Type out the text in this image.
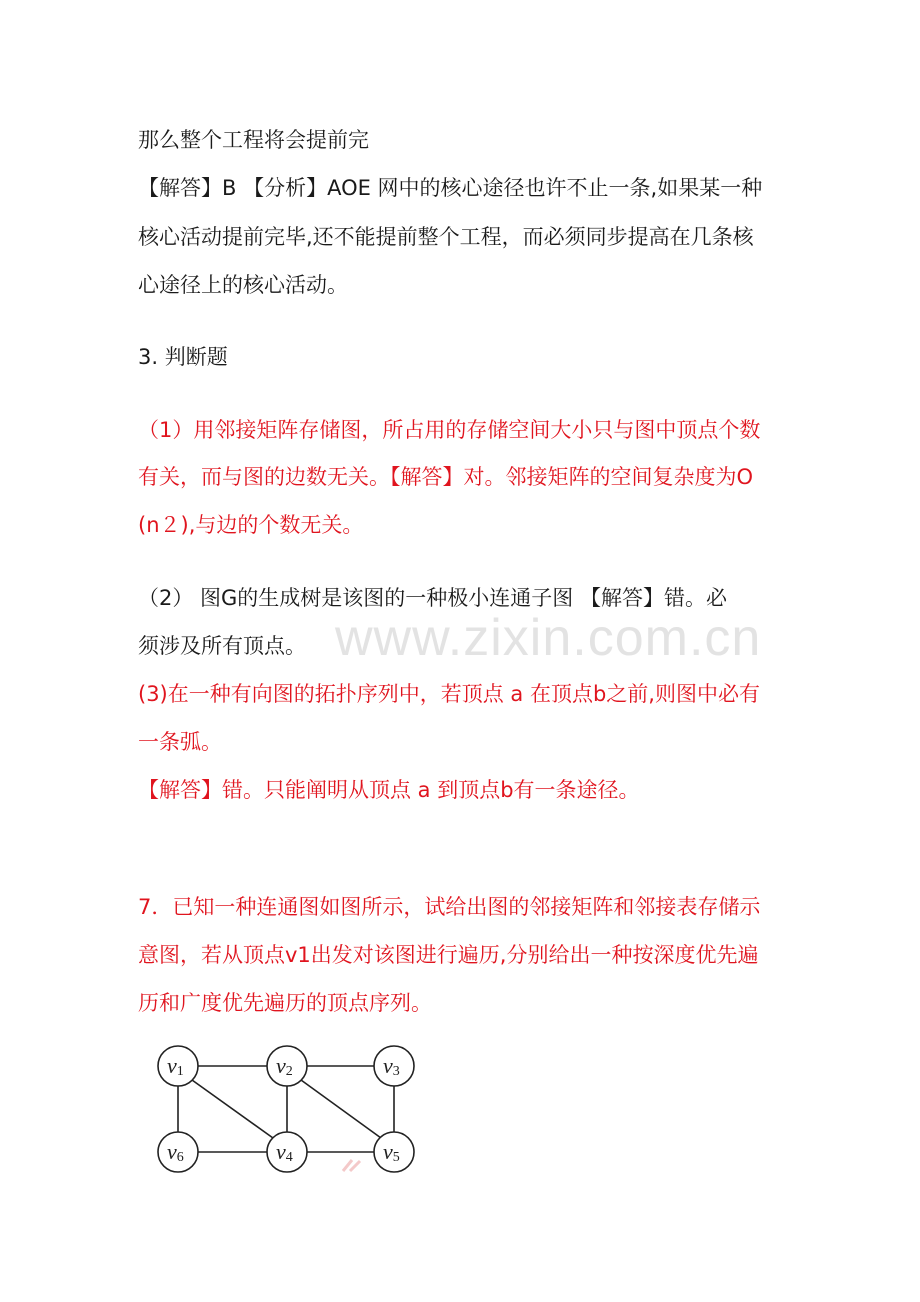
那么整个工程将会提前完
【解答】B 【分析】AOE 网中的核心途径也许不止一条,如果某一种
核心活动提前完毕,还不能提前整个工程，而必须同步提高在几条核
心途径上的核心活动。
3. 判断题
（1）用邻接矩阵存储图，所占用的存储空间大小只与图中顶点个数
有关，而与图的边数无关。【解答】对。邻接矩阵的空间复杂度为O
(n２),与边的个数无关。
（2） 图G的生成树是该图的一种极小连通子图 【解答】错。必
须涉及所有顶点。
(3)在一种有向图的拓扑序列中，若顶点 a 在顶点b之前,则图中必有
一条弧。
【解答】错。只能阐明从顶点 a 到顶点b有一条途径。
7．已知一种连通图如图所示，试给出图的邻接矩阵和邻接表存储示
意图，若从顶点v1出发对该图进行遍历,分别给出一种按深度优先遍
历和广度优先遍历的顶点序列。
www.zixin.com.cn
v1	v2	v3
v6	v4	v5
